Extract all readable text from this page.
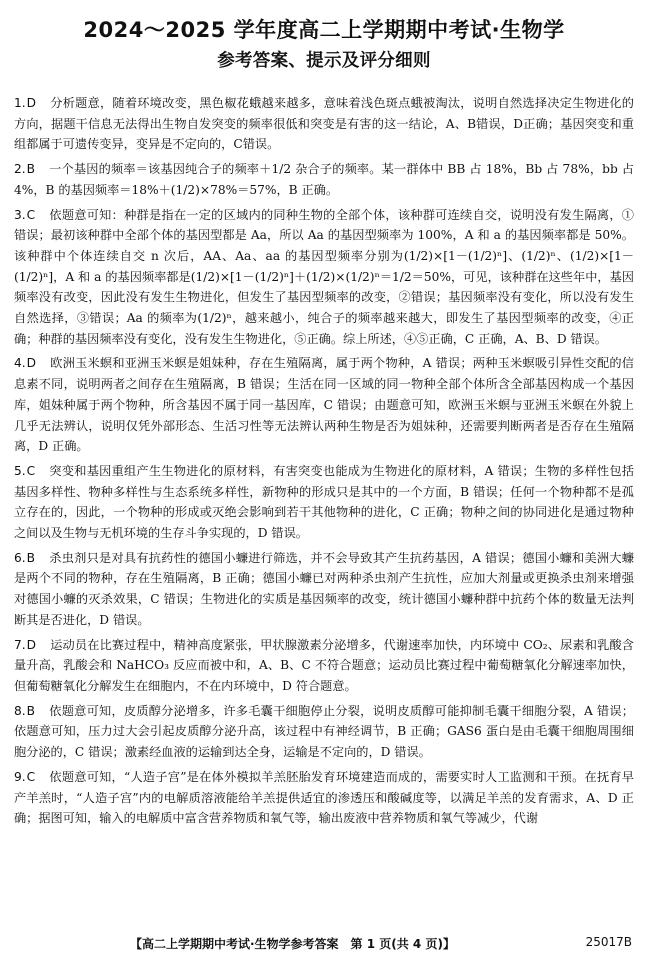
2024～2025 学年度高二上学期期中考试·生物学
参考答案、提示及评分细则

1.D 分析题意，随着环境改变，黑色椒花蛾越来越多，意味着浅色斑点蛾被淘汰，说明自然选择决定生物进化的方向，据题干信息无法得出生物自发突变的频率很低和突变是有害的这一结论，A、B错误，D正确；基因突变和重组都属于可遗传变异，变异是不定向的，C错误。

2.B 一个基因的频率＝该基因纯合子的频率＋1/2 杂合子的频率。某一群体中 BB 占 18%，Bb 占 78%，bb 占 4%，B 的基因频率＝18%＋(1/2)×78%＝57%，B 正确。

3.C 依题意可知：种群是指在一定的区域内的同种生物的全部个体，该种群可连续自交，说明没有发生隔离，①错误；最初该种群中全部个体的基因型都是 Aa，所以 Aa 的基因型频率为 100%，A 和 a 的基因频率都是 50%。该种群中个体连续自交 n 次后，AA、Aa、aa 的基因型频率分别为(1/2)×[1－(1/2)ⁿ]、(1/2)ⁿ、(1/2)×[1－(1/2)ⁿ]，A 和 a 的基因频率都是(1/2)×[1－(1/2)ⁿ]＋(1/2)×(1/2)ⁿ＝1/2＝50%，可见，该种群在这些年中，基因频率没有改变，因此没有发生生物进化，但发生了基因型频率的改变，②错误；基因频率没有变化，所以没有发生自然选择，③错误；Aa 的频率为(1/2)ⁿ，越来越小，纯合子的频率越来越大，即发生了基因型频率的改变，④正确；种群的基因频率没有变化，没有发生生物进化，⑤正确。综上所述，④⑤正确，C 正确，A、B、D 错误。

4.D 欧洲玉米螟和亚洲玉米螟是姐妹种，存在生殖隔离，属于两个物种，A 错误；两种玉米螟吸引异性交配的信息素不同，说明两者之间存在生殖隔离，B 错误；生活在同一区域的同一物种全部个体所含全部基因构成一个基因库，姐妹种属于两个物种，所含基因不属于同一基因库，C 错误；由题意可知，欧洲玉米螟与亚洲玉米螟在外貌上几乎无法辨认，说明仅凭外部形态、生活习性等无法辨认两种生物是否为姐妹种，还需要判断两者是否存在生殖隔离，D 正确。

5.C 突变和基因重组产生生物进化的原材料，有害突变也能成为生物进化的原材料，A 错误；生物的多样性包括基因多样性、物种多样性与生态系统多样性，新物种的形成只是其中的一个方面，B 错误；任何一个物种都不是孤立存在的，因此，一个物种的形成或灭绝会影响到若干其他物种的进化，C 正确；物种之间的协同进化是通过物种之间以及生物与无机环境的生存斗争实现的，D 错误。

6.B 杀虫剂只是对具有抗药性的德国小蠊进行筛选，并不会导致其产生抗药基因，A 错误；德国小蠊和美洲大蠊是两个不同的物种，存在生殖隔离，B 正确；德国小蠊已对两种杀虫剂产生抗性，应加大剂量或更换杀虫剂来增强对德国小蠊的灭杀效果，C 错误；生物进化的实质是基因频率的改变，统计德国小蠊种群中抗药个体的数量无法判断其是否进化，D 错误。

7.D 运动员在比赛过程中，精神高度紧张，甲状腺激素分泌增多，代谢速率加快，内环境中 CO₂、尿素和乳酸含量升高，乳酸会和 NaHCO₃ 反应而被中和，A、B、C 不符合题意；运动员比赛过程中葡萄糖氧化分解速率加快，但葡萄糖氧化分解发生在细胞内，不在内环境中，D 符合题意。

8.B 依题意可知，皮质醇分泌增多，许多毛囊干细胞停止分裂，说明皮质醇可能抑制毛囊干细胞分裂，A 错误；依题意可知，压力过大会引起皮质醇分泌升高，该过程中有神经调节，B 正确；GAS6 蛋白是由毛囊干细胞周围细胞分泌的，C 错误；激素经血液的运输到达全身，运输是不定向的，D 错误。

9.C 依题意可知，“人造子宫”是在体外模拟羊羔胚胎发育环境建造而成的，需要实时人工监测和干预。在抚育早产羊羔时，“人造子宫”内的电解质溶液能给羊羔提供适宜的渗透压和酸碱度等，以满足羊羔的发育需求，A、D 正确；据图可知，输入的电解质中富含营养物质和氧气等，输出废液中营养物质和氧气等减少，代谢

【高二上学期期中考试·生物学参考答案　第 1 页(共 4 页)】	25017B
